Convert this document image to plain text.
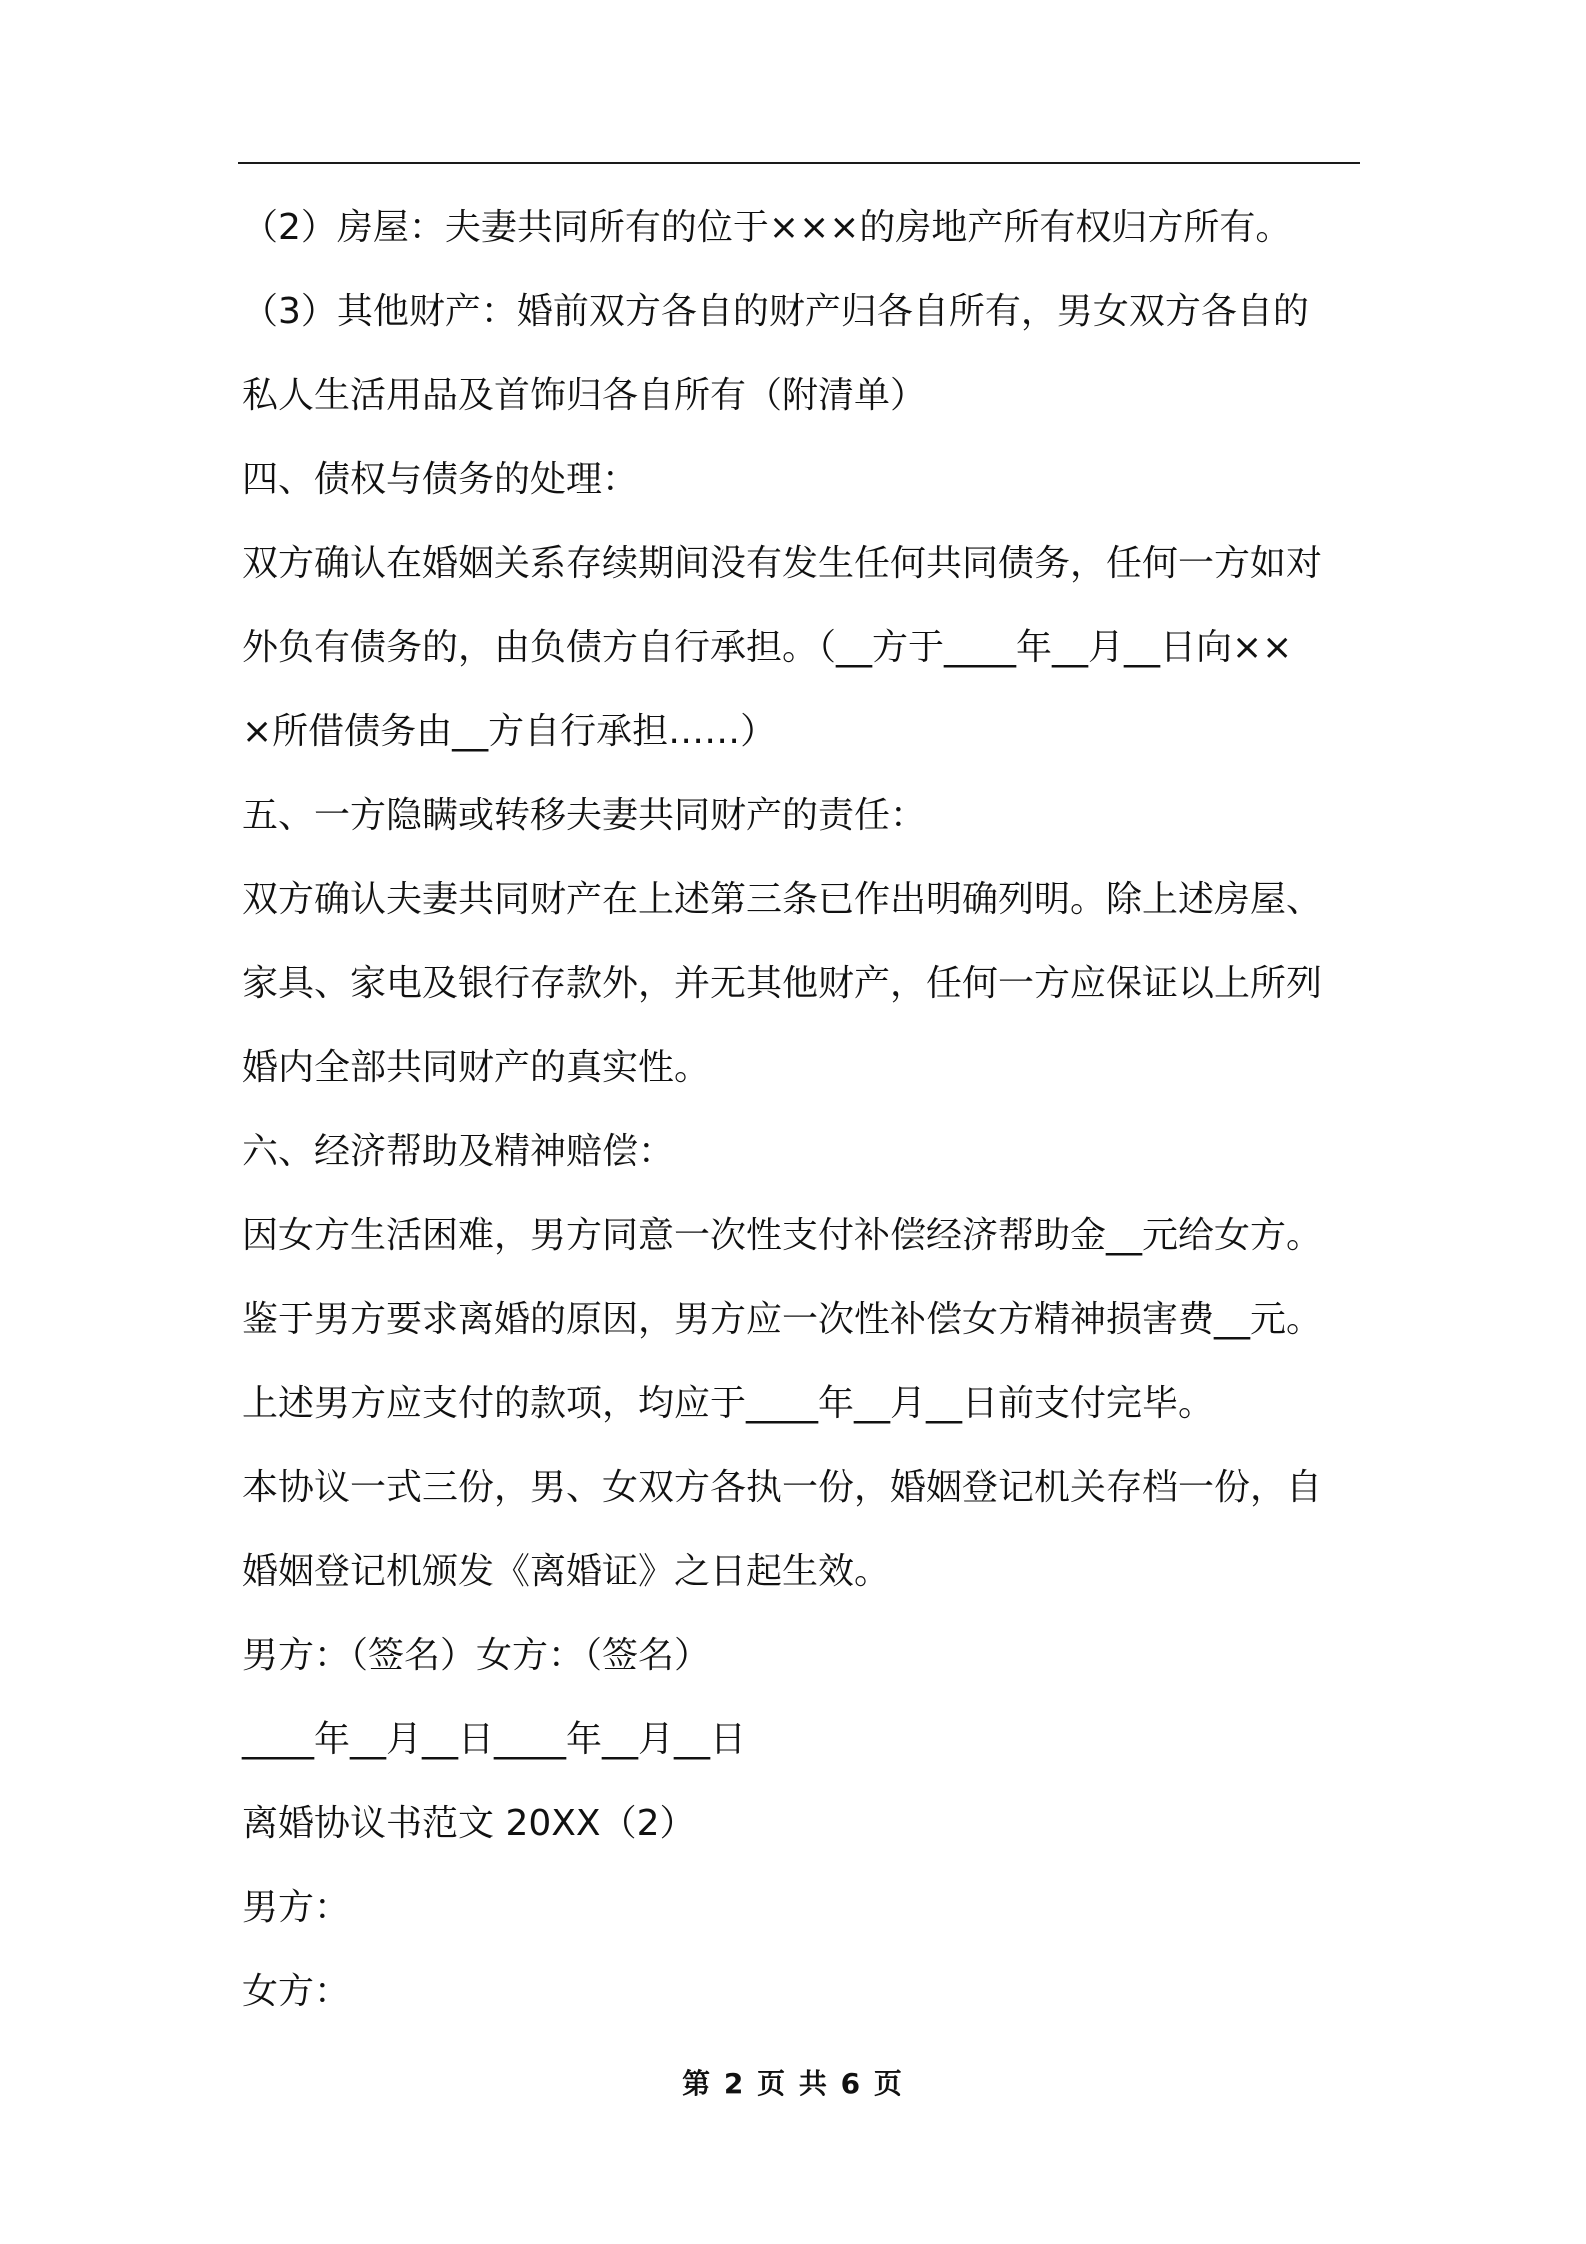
（2）房屋：夫妻共同所有的位于×××的房地产所有权归方所有。
（3）其他财产：婚前双方各自的财产归各自所有，男女双方各自的
私人生活用品及首饰归各自所有（附清单）
四、债权与债务的处理：
双方确认在婚姻关系存续期间没有发生任何共同债务，任何一方如对
外负有债务的，由负债方自行承担。（__方于____年__月__日向××
×所借债务由__方自行承担……）
五、一方隐瞒或转移夫妻共同财产的责任：
双方确认夫妻共同财产在上述第三条已作出明确列明。除上述房屋、
家具、家电及银行存款外，并无其他财产，任何一方应保证以上所列
婚内全部共同财产的真实性。
六、经济帮助及精神赔偿：
因女方生活困难，男方同意一次性支付补偿经济帮助金__元给女方。
鉴于男方要求离婚的原因，男方应一次性补偿女方精神损害费__元。
上述男方应支付的款项，均应于____年__月__日前支付完毕。
本协议一式三份，男、女双方各执一份，婚姻登记机关存档一份，自
婚姻登记机颁发《离婚证》之日起生效。
男方：（签名）女方：（签名）
____年__月__日____年__月__日
离婚协议书范文 20XX（2）
男方：
女方：
第 2 页 共 6 页
